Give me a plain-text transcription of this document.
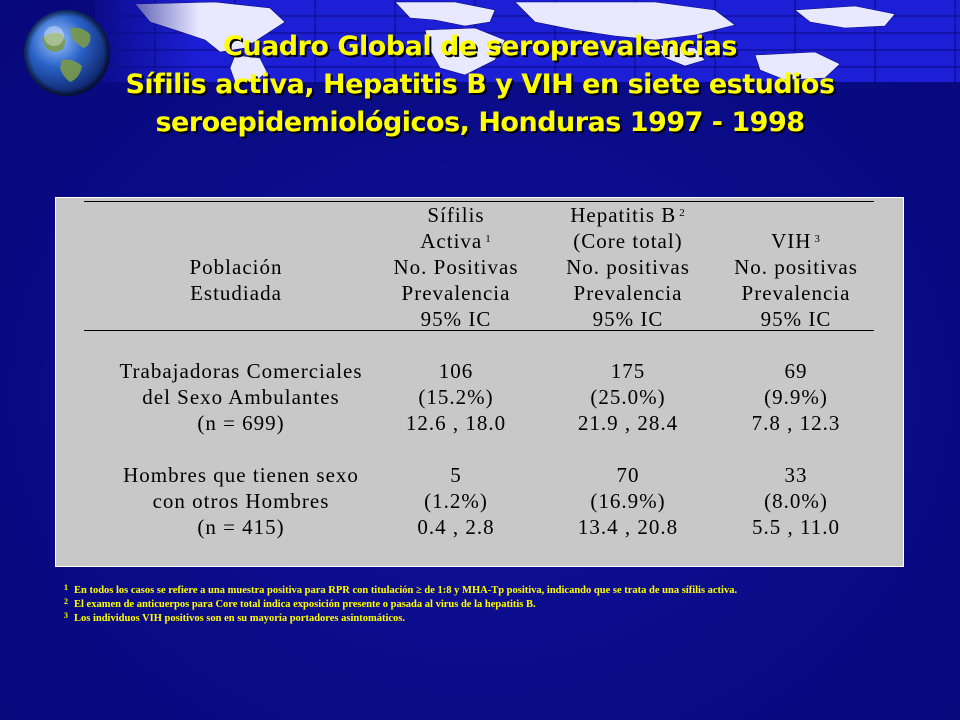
Cuadro Global de seroprevalencias
Sífilis activa, Hepatitis B y VIH en siete estudios
seroepidemiológicos, Honduras 1997 - 1998
Población
Estudiada
Sífilis
Activa $^1$
No. Positivas
Prevalencia
95% IC
Hepatitis B $^2$
(Core total)
No. positivas
Prevalencia
95% IC
VIH $^3$
No. positivas
Prevalencia
95% IC
Trabajadoras Comerciales
del Sexo Ambulantes
(n = 699)
106
(15.2%)
12.6 , 18.0
175
(25.0%)
21.9 , 28.4
69
(9.9%)
7.8 , 12.3
Hombres que tienen sexo
con otros Hombres
(n = 415)
5
(1.2%)
0.4 , 2.8
70
(16.9%)
13.4 , 20.8
33
(8.0%)
5.5 , 11.0
$^1$ En todos los casos se refiere a una muestra positiva para RPR con titulación ≥ de 1:8 y MHA-Tp positiva, indicando que se trata de una sífilis activa.
$^2$ El examen de anticuerpos para Core total indica exposición presente o pasada al virus de la hepatitis B.
$^3$ Los individuos VIH positivos son en su mayoría portadores asintomáticos.
